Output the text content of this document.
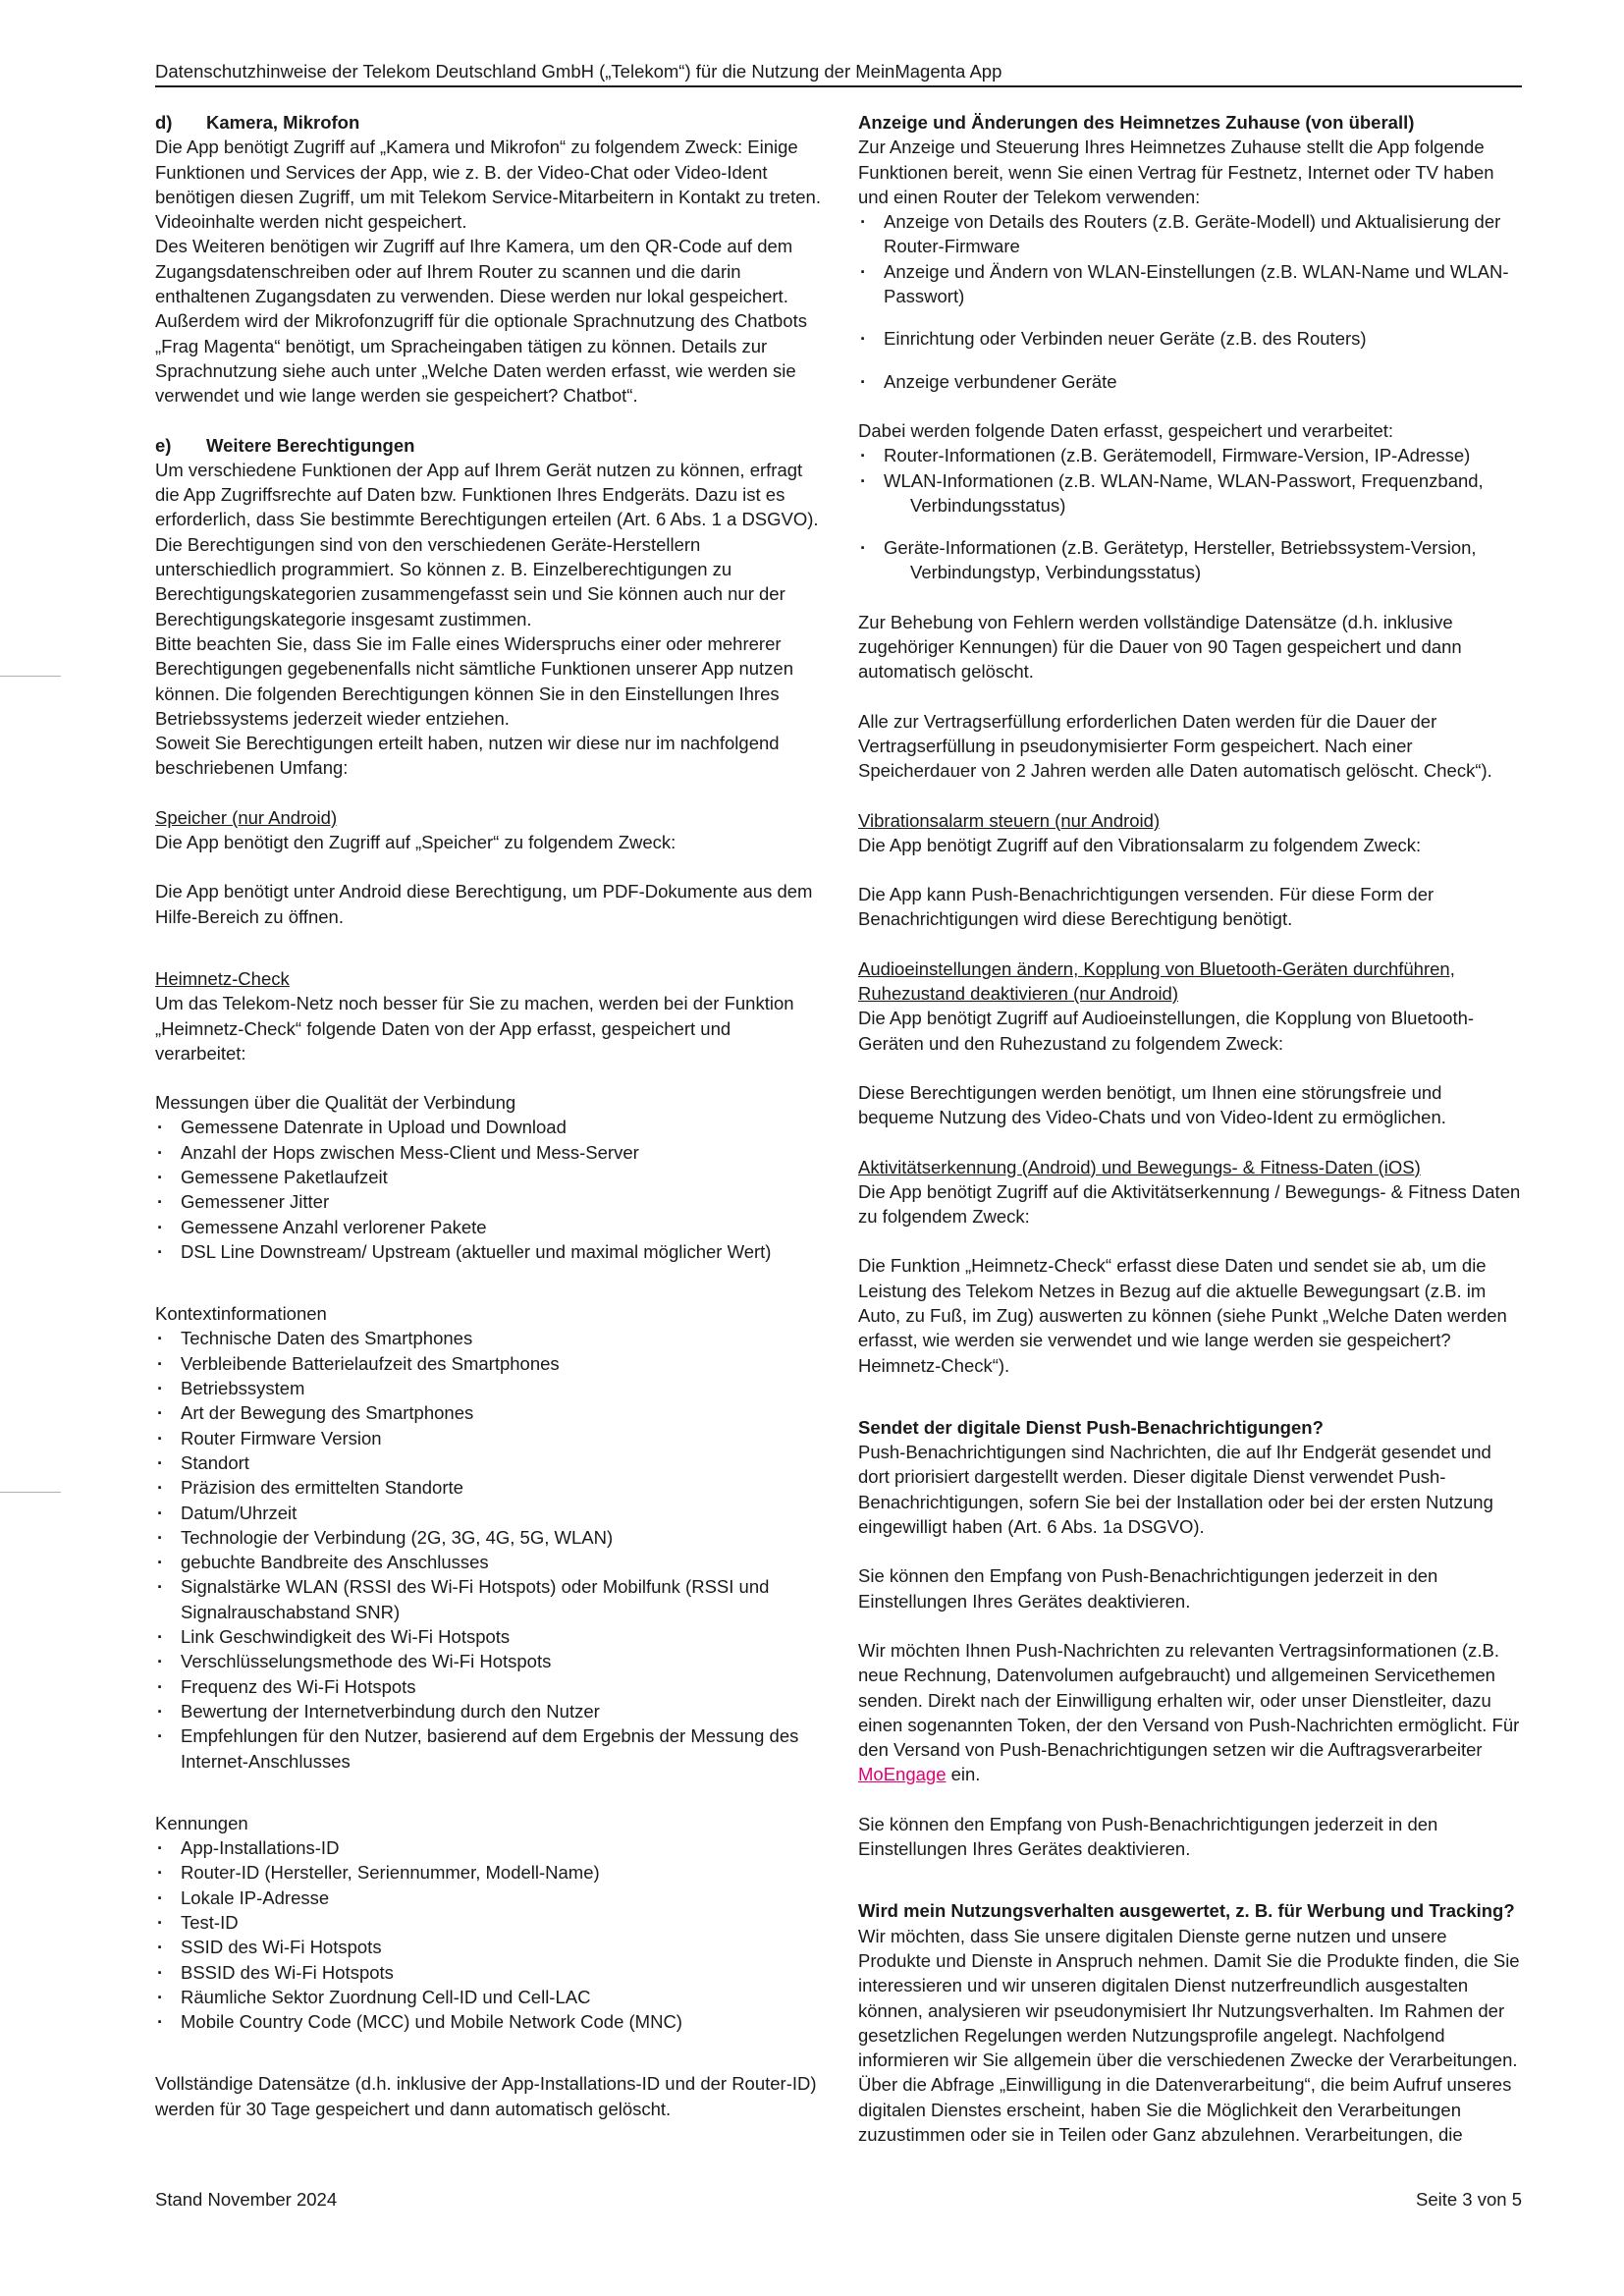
Datenschutzhinweise der Telekom Deutschland GmbH („Telekom“) für die Nutzung der MeinMagenta App
d)	Kamera, Mikrofon

Die App benötigt Zugriff auf „Kamera und Mikrofon“ zu folgendem Zweck: Einige Funktionen und Services der App, wie z. B. der Video-Chat oder Video-Ident benötigen diesen Zugriff, um mit Telekom Service-Mitarbeitern in Kontakt zu treten. Videoinhalte werden nicht gespeichert.

Des Weiteren benötigen wir Zugriff auf Ihre Kamera, um den QR-Code auf dem Zugangsdatenschreiben oder auf Ihrem Router zu scannen und die darin enthaltenen Zugangsdaten zu verwenden. Diese werden nur lokal gespeichert.

Außerdem wird der Mikrofonzugriff für die optionale Sprachnutzung des Chatbots „Frag Magenta“ benötigt, um Spracheingaben tätigen zu können. Details zur Sprachnutzung siehe auch unter „Welche Daten werden erfasst, wie werden sie verwendet und wie lange werden sie gespeichert? Chatbot“.

e)	Weitere Berechtigungen

Um verschiedene Funktionen der App auf Ihrem Gerät nutzen zu können, erfragt die App Zugriffsrechte auf Daten bzw. Funktionen Ihres Endgeräts. Dazu ist es erforderlich, dass Sie bestimmte Berechtigungen erteilen (Art. 6 Abs. 1 a DSGVO).

Die Berechtigungen sind von den verschiedenen Geräte-Herstellern unterschiedlich programmiert. So können z. B. Einzelberechtigungen zu Berechtigungskategorien zusammengefasst sein und Sie können auch nur der Berechtigungskategorie insgesamt zustimmen.

Bitte beachten Sie, dass Sie im Falle eines Widerspruchs einer oder mehrerer Berechtigungen gegebenenfalls nicht sämtliche Funktionen unserer App nutzen können. Die folgenden Berechtigungen können Sie in den Einstellungen Ihres Betriebssystems jederzeit wieder entziehen.

Soweit Sie Berechtigungen erteilt haben, nutzen wir diese nur im nachfolgend beschriebenen Umfang:

Speicher (nur Android)

Die App benötigt den Zugriff auf „Speicher“ zu folgendem Zweck:

Die App benötigt unter Android diese Berechtigung, um PDF-Dokumente aus dem Hilfe-Bereich zu öffnen.

Heimnetz-Check

Um das Telekom-Netz noch besser für Sie zu machen, werden bei der Funktion „Heimnetz-Check“ folgende Daten von der App erfasst, gespeichert und verarbeitet:

Messungen über die Qualität der Verbindung

· Gemessene Datenrate in Upload und Download
· Anzahl der Hops zwischen Mess-Client und Mess-Server
· Gemessene Paketlaufzeit
· Gemessener Jitter
· Gemessene Anzahl verlorener Pakete
· DSL Line Downstream/ Upstream (aktueller und maximal möglicher Wert)

Kontextinformationen

· Technische Daten des Smartphones
· Verbleibende Batterielaufzeit des Smartphones
· Betriebssystem
· Art der Bewegung des Smartphones
· Router Firmware Version
· Standort
· Präzision des ermittelten Standorte
· Datum/Uhrzeit
· Technologie der Verbindung (2G, 3G, 4G, 5G, WLAN)
· gebuchte Bandbreite des Anschlusses
· Signalstärke WLAN (RSSI des Wi-Fi Hotspots) oder Mobilfunk (RSSI und Signalrauschabstand SNR)
· Link Geschwindigkeit des Wi-Fi Hotspots
· Verschlüsselungsmethode des Wi-Fi Hotspots
· Frequenz des Wi-Fi Hotspots
· Bewertung der Internetverbindung durch den Nutzer
· Empfehlungen für den Nutzer, basierend auf dem Ergebnis der Messung des Internet-Anschlusses

Kennungen

· App-Installations-ID
· Router-ID (Hersteller, Seriennummer, Modell-Name)
· Lokale IP-Adresse
· Test-ID
· SSID des Wi-Fi Hotspots
· BSSID des Wi-Fi Hotspots
· Räumliche Sektor Zuordnung Cell-ID und Cell-LAC
· Mobile Country Code (MCC) und Mobile Network Code (MNC)

Vollständige Datensätze (d.h. inklusive der App-Installations-ID und der Router-ID) werden für 30 Tage gespeichert und dann automatisch gelöscht.

Anzeige und Änderungen des Heimnetzes Zuhause (von überall)

Zur Anzeige und Steuerung Ihres Heimnetzes Zuhause stellt die App folgende Funktionen bereit, wenn Sie einen Vertrag für Festnetz, Internet oder TV haben und einen Router der Telekom verwenden:

· Anzeige von Details des Routers (z.B. Geräte-Modell) und Aktualisierung der Router-Firmware
· Anzeige und Ändern von WLAN-Einstellungen (z.B. WLAN-Name und WLAN-Passwort)
· Einrichtung oder Verbinden neuer Geräte (z.B. des Routers)
· Anzeige verbundener Geräte

Dabei werden folgende Daten erfasst, gespeichert und verarbeitet:

· Router-Informationen (z.B. Gerätemodell, Firmware-Version, IP-Adresse)
· WLAN-Informationen (z.B. WLAN-Name, WLAN-Passwort, Frequenzband,
Verbindungsstatus)
· Geräte-Informationen (z.B. Gerätetyp, Hersteller, Betriebssystem-Version,
Verbindungstyp, Verbindungsstatus)

Zur Behebung von Fehlern werden vollständige Datensätze (d.h. inklusive zugehöriger Kennungen) für die Dauer von 90 Tagen gespeichert und dann automatisch gelöscht.

Alle zur Vertragserfüllung erforderlichen Daten werden für die Dauer der Vertragserfüllung in pseudonymisierter Form gespeichert. Nach einer Speicherdauer von 2 Jahren werden alle Daten automatisch gelöscht. Check“).

Vibrationsalarm steuern (nur Android)

Die App benötigt Zugriff auf den Vibrationsalarm zu folgendem Zweck:

Die App kann Push-Benachrichtigungen versenden. Für diese Form der Benachrichtigungen wird diese Berechtigung benötigt.

Audioeinstellungen ändern, Kopplung von Bluetooth-Geräten durchführen,
Ruhezustand deaktivieren (nur Android)

Die App benötigt Zugriff auf Audioeinstellungen, die Kopplung von Bluetooth-Geräten und den Ruhezustand zu folgendem Zweck:

Diese Berechtigungen werden benötigt, um Ihnen eine störungsfreie und bequeme Nutzung des Video-Chats und von Video-Ident zu ermöglichen.

Aktivitätserkennung (Android) und Bewegungs- & Fitness-Daten (iOS)

Die App benötigt Zugriff auf die Aktivitätserkennung / Bewegungs- & Fitness Daten zu folgendem Zweck:

Die Funktion „Heimnetz-Check“ erfasst diese Daten und sendet sie ab, um die Leistung des Telekom Netzes in Bezug auf die aktuelle Bewegungsart (z.B. im Auto, zu Fuß, im Zug) auswerten zu können (siehe Punkt „Welche Daten werden erfasst, wie werden sie verwendet und wie lange werden sie gespeichert? Heimnetz-Check“).

Sendet der digitale Dienst Push-Benachrichtigungen?

Push-Benachrichtigungen sind Nachrichten, die auf Ihr Endgerät gesendet und dort priorisiert dargestellt werden. Dieser digitale Dienst verwendet Push-Benachrichtigungen, sofern Sie bei der Installation oder bei der ersten Nutzung eingewilligt haben (Art. 6 Abs. 1a DSGVO).

Sie können den Empfang von Push-Benachrichtigungen jederzeit in den Einstellungen Ihres Gerätes deaktivieren.

Wir möchten Ihnen Push-Nachrichten zu relevanten Vertragsinformationen (z.B. neue Rechnung, Datenvolumen aufgebraucht) und allgemeinen Servicethemen senden. Direkt nach der Einwilligung erhalten wir, oder unser Dienstleiter, dazu einen sogenannten Token, der den Versand von Push-Nachrichten ermöglicht. Für den Versand von Push-Benachrichtigungen setzen wir die Auftragsverarbeiter MoEngage ein.

Sie können den Empfang von Push-Benachrichtigungen jederzeit in den Einstellungen Ihres Gerätes deaktivieren.

Wird mein Nutzungsverhalten ausgewertet, z. B. für Werbung und Tracking?

Wir möchten, dass Sie unsere digitalen Dienste gerne nutzen und unsere Produkte und Dienste in Anspruch nehmen. Damit Sie die Produkte finden, die Sie interessieren und wir unseren digitalen Dienst nutzerfreundlich ausgestalten können, analysieren wir pseudonymisiert Ihr Nutzungsverhalten. Im Rahmen der gesetzlichen Regelungen werden Nutzungsprofile angelegt. Nachfolgend informieren wir Sie allgemein über die verschiedenen Zwecke der Verarbeitungen. Über die Abfrage „Einwilligung in die Datenverarbeitung“, die beim Aufruf unseres digitalen Dienstes erscheint, haben Sie die Möglichkeit den Verarbeitungen zuzustimmen oder sie in Teilen oder Ganz abzulehnen. Verarbeitungen, die

Stand November 2024	Seite 3 von 5
